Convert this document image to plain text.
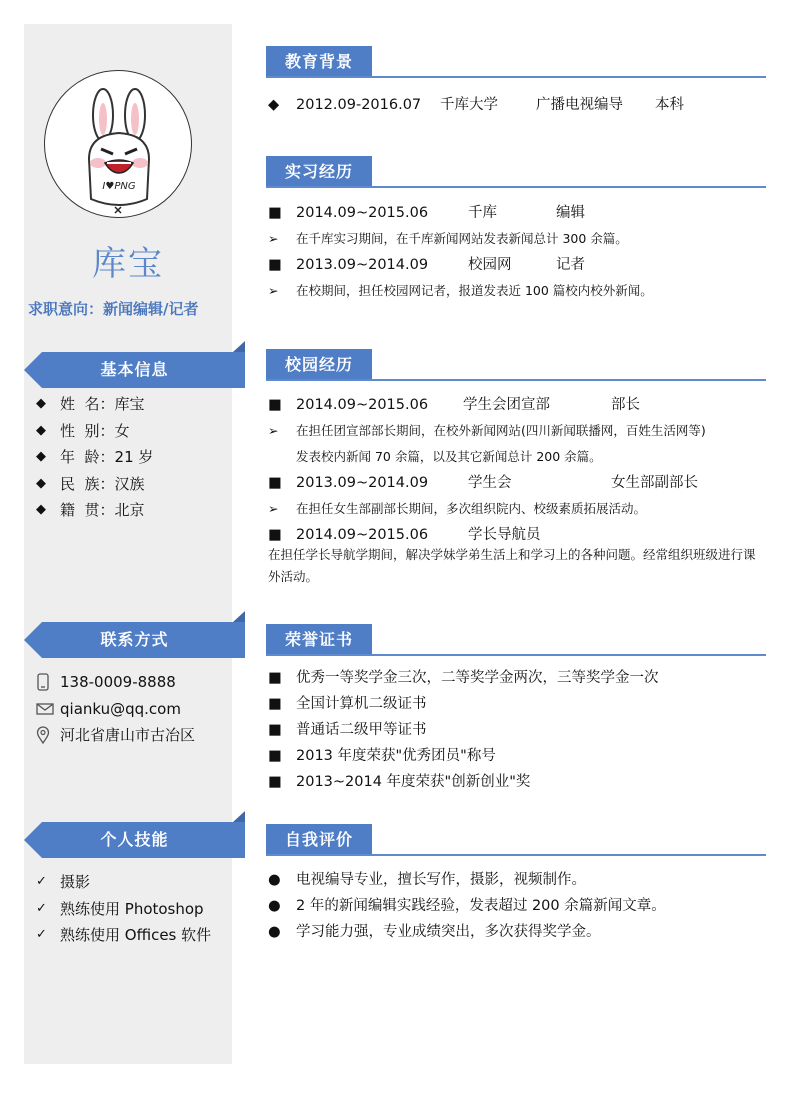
I♥PNG
库宝
求职意向：新闻编辑/记者
基本信息
◆ 姓  名：库宝
◆ 性  别：女
◆ 年  龄：21 岁
◆ 民  族：汉族
◆ 籍  贯：北京
联系方式
138-0009-8888
qianku@qq.com
河北省唐山市古冶区
个人技能
✓ 摄影
✓ 熟练使用 Photoshop
✓ 熟练使用 Offices 软件
教育背景
◆ 2012.09-2016.07 千库大学	广播电视编导 本科
实习经历
■ 2014.09~2015.06	千库	编辑
➢ 在千库实习期间，在千库新闻网站发表新闻总计 300 余篇。
■ 2013.09~2014.09	校园网	记者
➢ 在校期间，担任校园网记者，报道发表近 100 篇校内校外新闻。
校园经历
■ 2014.09~2015.06 学生会团宣部	部长
➢ 在担任团宣部部长期间，在校外新闻网站(四川新闻联播网，百姓生活网等)
发表校内新闻 70 余篇，以及其它新闻总计 200 余篇。
■ 2013.09~2014.09	学生会	女生部副部长
➢ 在担任女生部副部长期间，多次组织院内、校级素质拓展活动。
■ 2014.09~2015.06	学长导航员
在担任学长导航学期间，解决学妹学弟生活上和学习上的各种问题。经常组织班级进行课外活动。
荣誉证书
■ 优秀一等奖学金三次，二等奖学金两次，三等奖学金一次
■ 全国计算机二级证书
■ 普通话二级甲等证书
■ 2013 年度荣获"优秀团员"称号
■ 2013~2014 年度荣获"创新创业"奖
自我评价
● 电视编导专业，擅长写作，摄影，视频制作。
● 2 年的新闻编辑实践经验，发表超过 200 余篇新闻文章。
● 学习能力强，专业成绩突出，多次获得奖学金。
